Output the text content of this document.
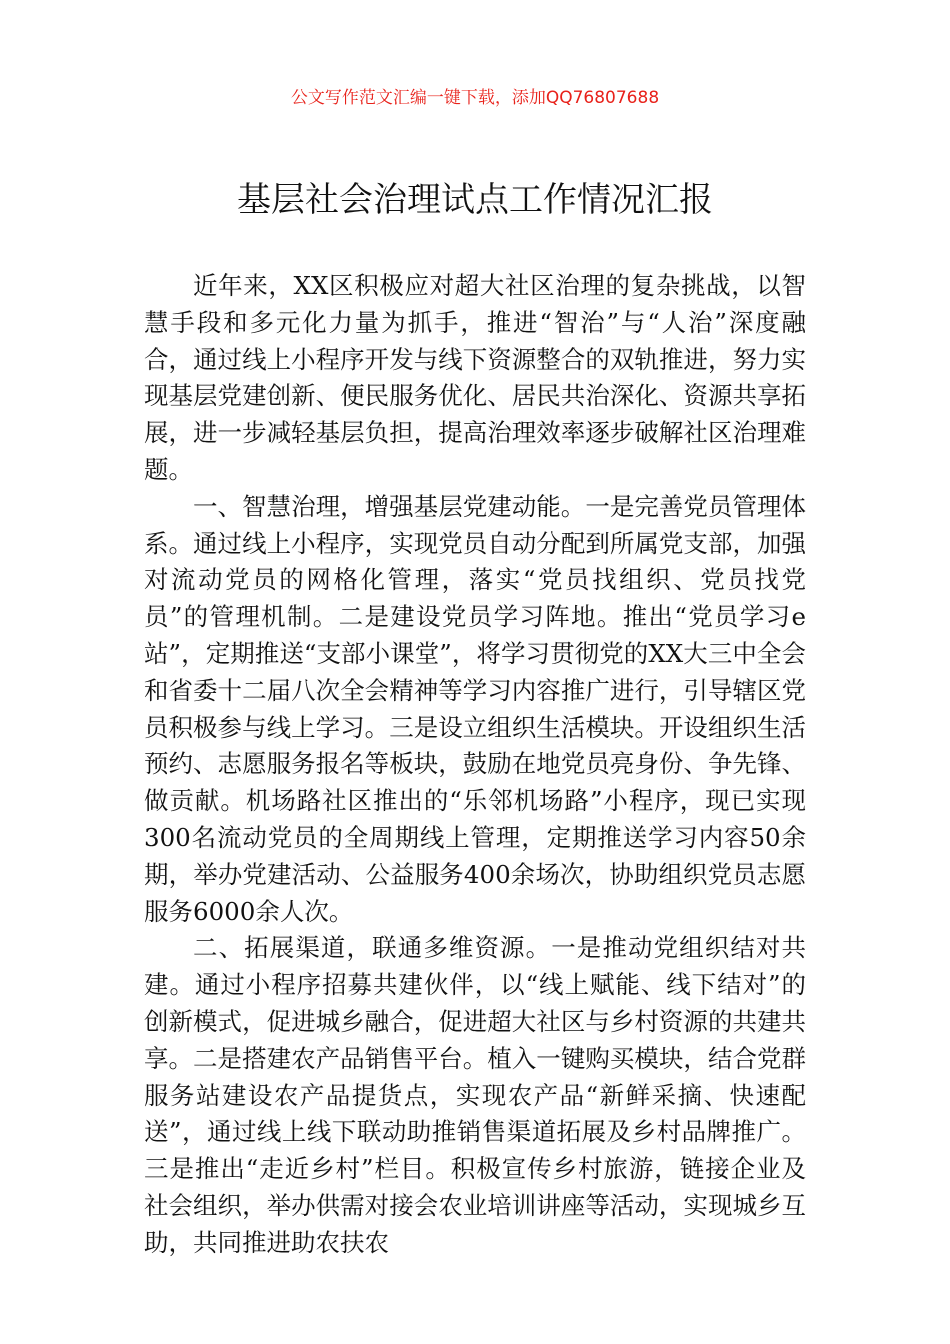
公文写作范文汇编一键下载，添加QQ76807688
基层社会治理试点工作情况汇报

近年来，XX区积极应对超大社区治理的复杂挑战，以智慧手段和多元化力量为抓手，推进“智治”与“人治”深度融合，通过线上小程序开发与线下资源整合的双轨推进，努力实现基层党建创新、便民服务优化、居民共治深化、资源共享拓展，进一步减轻基层负担，提高治理效率逐步破解社区治理难题。

一、智慧治理，增强基层党建动能。一是完善党员管理体系。通过线上小程序，实现党员自动分配到所属党支部，加强对流动党员的网格化管理，落实“党员找组织、党员找党员”的管理机制。二是建设党员学习阵地。推出“党员学习e站”，定期推送“支部小课堂”，将学习贯彻党的XX大三中全会和省委十二届八次全会精神等学习内容推广进行，引导辖区党员积极参与线上学习。三是设立组织生活模块。开设组织生活预约、志愿服务报名等板块，鼓励在地党员亮身份、争先锋、做贡献。机场路社区推出的“乐邻机场路”小程序，现已实现300名流动党员的全周期线上管理，定期推送学习内容50余期，举办党建活动、公益服务400余场次，协助组织党员志愿服务6000余人次。

二、拓展渠道，联通多维资源。一是推动党组织结对共建。通过小程序招募共建伙伴，以“线上赋能、线下结对”的创新模式，促进城乡融合，促进超大社区与乡村资源的共建共享。二是搭建农产品销售平台。植入一键购买模块，结合党群服务站建设农产品提货点，实现农产品“新鲜采摘、快速配送”，通过线上线下联动助推销售渠道拓展及乡村品牌推广。三是推出“走近乡村”栏目。积极宣传乡村旅游，链接企业及社会组织，举办供需对接会农业培训讲座等活动，实现城乡互助，共同推进助农扶农
